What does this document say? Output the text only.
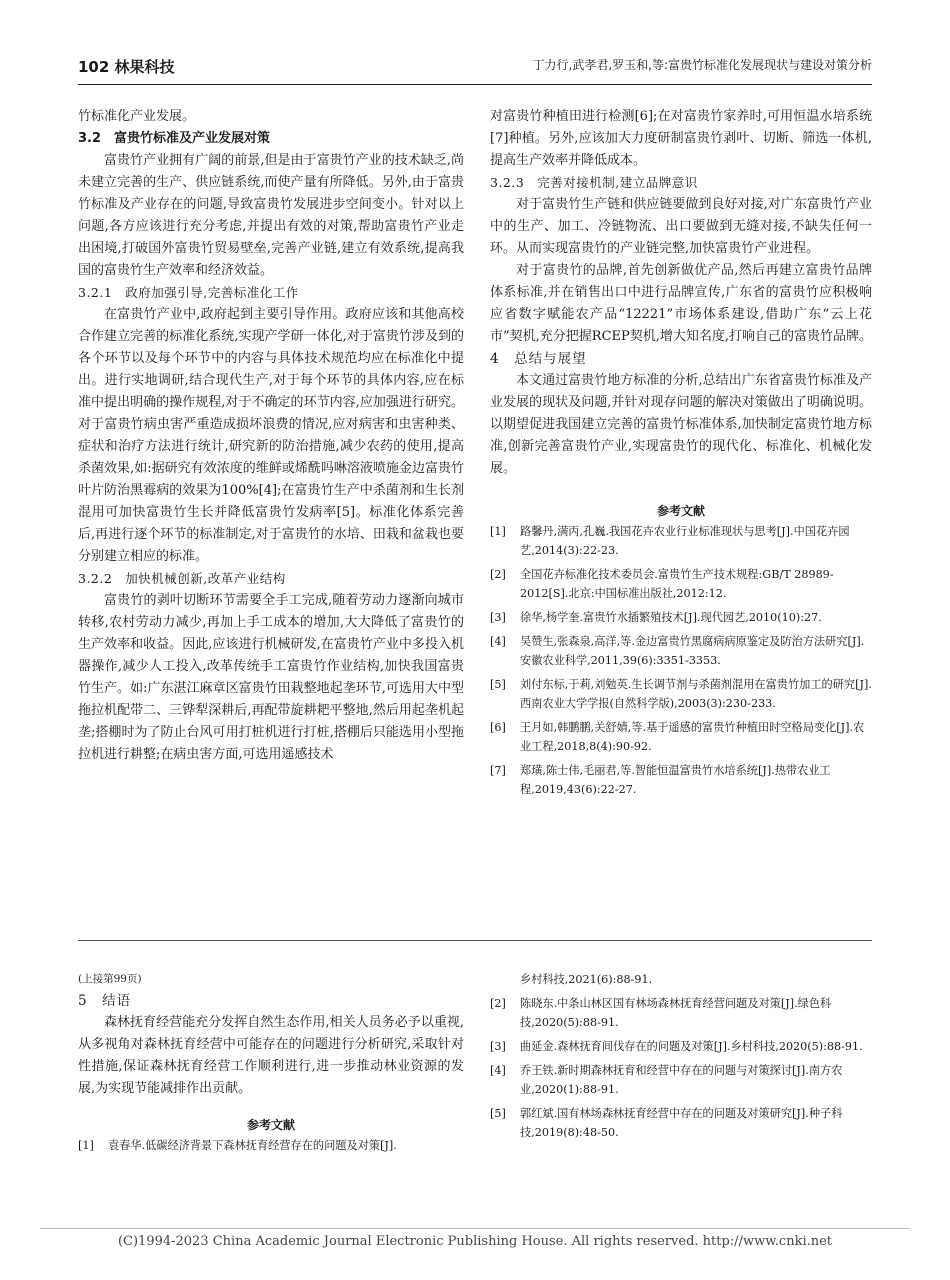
102 林果科技	丁力行,武孝君,罗玉和,等:富贵竹标准化发展现状与建设对策分析

竹标准化产业发展。

3.2　富贵竹标准及产业发展对策

富贵竹产业拥有广阔的前景,但是由于富贵竹产业的技术缺乏,尚未建立完善的生产、供应链系统,而使产量有所降低。另外,由于富贵竹标准及产业存在的问题,导致富贵竹发展进步空间变小。针对以上问题,各方应该进行充分考虑,并提出有效的对策,帮助富贵竹产业走出困境,打破国外富贵竹贸易壁垒,完善产业链,建立有效系统,提高我国的富贵竹生产效率和经济效益。

3.2.1　政府加强引导,完善标准化工作

在富贵竹产业中,政府起到主要引导作用。政府应该和其他高校合作建立完善的标准化系统,实现产学研一体化,对于富贵竹涉及到的各个环节以及每个环节中的内容与具体技术规范均应在标准化中提出。进行实地调研,结合现代生产,对于每个环节的具体内容,应在标准中提出明确的操作规程,对于不确定的环节内容,应加强进行研究。对于富贵竹病虫害严重造成损坏浪费的情况,应对病害和虫害种类、症状和治疗方法进行统计,研究新的防治措施,减少农药的使用,提高杀菌效果,如:据研究有效浓度的维鲜或烯酰吗啉溶液喷施金边富贵竹叶片防治黑霉病的效果为100%[4];在富贵竹生产中杀菌剂和生长剂混用可加快富贵竹生长并降低富贵竹发病率[5]。标准化体系完善后,再进行逐个环节的标准制定,对于富贵竹的水培、田栽和盆栽也要分别建立相应的标准。

3.2.2　加快机械创新,改革产业结构

富贵竹的剥叶切断环节需要全手工完成,随着劳动力逐渐向城市转移,农村劳动力减少,再加上手工成本的增加,大大降低了富贵竹的生产效率和收益。因此,应该进行机械研发,在富贵竹产业中多投入机器操作,减少人工投入,改革传统手工富贵竹作业结构,加快我国富贵竹生产。如:广东湛江麻章区富贵竹田栽整地起垄环节,可选用大中型拖拉机配带二、三铧犁深耕后,再配带旋耕耙平整地,然后用起垄机起垄;搭棚时为了防止台风可用打桩机进行打桩,搭棚后只能选用小型拖拉机进行耕整;在病虫害方面,可选用遥感技术

对富贵竹种植田进行检测[6];在对富贵竹家养时,可用恒温水培系统[7]种植。另外,应该加大力度研制富贵竹剥叶、切断、筛选一体机,提高生产效率并降低成本。

3.2.3　完善对接机制,建立品牌意识

对于富贵竹生产链和供应链要做到良好对接,对广东富贵竹产业中的生产、加工、冷链物流、出口要做到无缝对接,不缺失任何一环。从而实现富贵竹的产业链完整,加快富贵竹产业进程。

对于富贵竹的品牌,首先创新做优产品,然后再建立富贵竹品牌体系标准,并在销售出口中进行品牌宣传,广东省的富贵竹应积极响应省数字赋能农产品“12221”市场体系建设,借助广东“云上花市”契机,充分把握RCEP契机,增大知名度,打响自己的富贵竹品牌。

4　总结与展望

本文通过富贵竹地方标准的分析,总结出广东省富贵竹标准及产业发展的现状及问题,并针对现存问题的解决对策做出了明确说明。以期望促进我国建立完善的富贵竹标准体系,加快制定富贵竹地方标准,创新完善富贵竹产业,实现富贵竹的现代化、标准化、机械化发展。

参考文献

[1] 路馨丹,满丙,孔巍.我国花卉农业行业标准现状与思考[J].中国花卉园艺,2014(3):22-23.
[2] 全国花卉标准化技术委员会.富贵竹生产技术规程:GB/T 28989-2012[S].北京:中国标准出版社,2012:12.
[3] 徐华,杨学奎.富贵竹水插繁殖技术[J].现代园艺,2010(10):27.
[4] 吴赞生,张森泉,高洋,等.金边富贵竹黑腐病病原鉴定及防治方法研究[J].安徽农业科学,2011,39(6):3351-3353.
[5] 刘付东标,于莉,刘勉英.生长调节剂与杀菌剂混用在富贵竹加工的研究[J].西南农业大学学报(自然科学版),2003(3):230-233.
[6] 王月如,韩鹏鹏,关舒婧,等.基于遥感的富贵竹种植田时空格局变化[J].农业工程,2018,8(4):90-92.
[7] 郑璜,陈士伟,毛丽君,等.智能恒温富贵竹水培系统[J].热带农业工程,2019,43(6):22-27.

(上接第99页)

5　结语

森林抚育经营能充分发挥自然生态作用,相关人员务必予以重视,从多视角对森林抚育经营中可能存在的问题进行分析研究,采取针对性措施,保证森林抚育经营工作顺利进行,进一步推动林业资源的发展,为实现节能减排作出贡献。

参考文献

[1] 袁春华.低碳经济背景下森林抚育经营存在的问题及对策[J].
乡村科技,2021(6):88-91.
[2] 陈晓东.中条山林区国有林场森林抚育经营问题及对策[J].绿色科技,2020(5):88-91.
[3] 曲延金.森林抚育间伐存在的问题及对策[J].乡村科技,2020(5):88-91.
[4] 乔王铁.新时期森林抚育和经营中存在的问题与对策探讨[J].南方农业,2020(1):88-91.
[5] 郭红斌.国有林场森林抚育经营中存在的问题及对策研究[J].种子科技,2019(8):48-50.
(C)1994-2023 China Academic Journal Electronic Publishing House. All rights reserved. http://www.cnki.net
